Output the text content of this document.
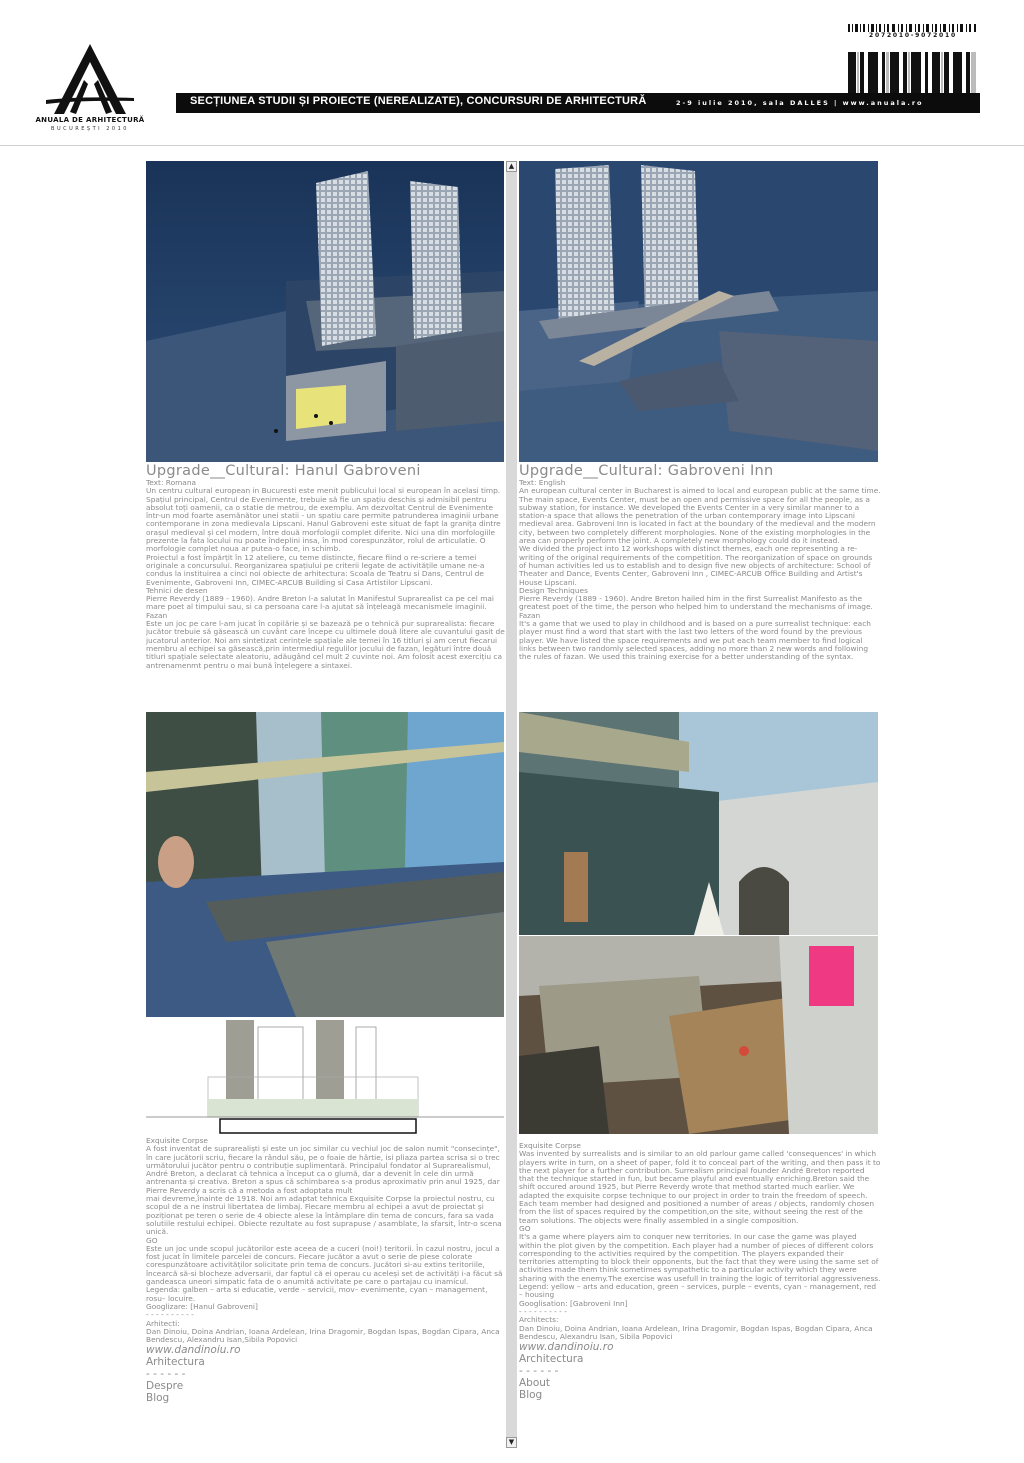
ANUALA DE ARHITECTURĂ
BUCUREȘTI 2010
2072010-9072010
SECȚIUNEA STUDII ȘI PROIECTE (NEREALIZATE), CONCURSURI DE ARHITECTURĂ	2-9 iulie 2010, sala DALLES | www.anuala.ro
▲
▼
Upgrade__Cultural: Hanul Gabroveni

Text: Romana

Un centru cultural european in Bucuresti este menit publicului local si european în acelasi timp. Spațiul principal, Centrul de Evenimente, trebuie să fie un spațiu deschis și admisibil pentru absolut toți oamenii, ca o statie de metrou, de exemplu. Am dezvoltat Centrul de Evenimente într-un mod foarte asemănător unei statii - un spatiu care permite patrunderea imaginii urbane contemporane in zona medievala Lipscani. Hanul Gabroveni este situat de fapt la granița dintre orașul medieval și cel modern, între două morfologii complet diferite. Nici una din morfologiile prezente la fata locului nu poate îndeplini insa, în mod corespunzător, rolul de articulatie. O morfologie complet noua ar putea-o face, in schimb.

Proiectul a fost împărțit în 12 ateliere, cu teme distincte, fiecare fiind o re-scriere a temei originale a concursului. Reorganizarea spațiului pe criterii legate de activitățile umane ne-a condus la instituirea a cinci noi obiecte de arhitectura: Scoala de Teatru si Dans, Centrul de Evenimente, Gabroveni Inn, CIMEC-ARCUB Building si Casa Artistilor Lipscani.

Tehnici de desen

Pierre Reverdy (1889 - 1960). Andre Breton l-a salutat în Manifestul Suprarealist ca pe cel mai mare poet al timpului sau, si ca persoana care l-a ajutat să înțeleagă mecanismele imaginii.

Fazan

Este un joc pe care l-am jucat în copilărie și se bazează pe o tehnică pur suprarealista: fiecare jucător trebuie să găsească un cuvânt care începe cu ultimele două litere ale cuvantului gasit de jucatorul anterior. Noi am sintetizat cerințele spațiale ale temei în 16 titluri și am cerut fiecarui membru al echipei sa găsească,prin intermediul regulilor jocului de fazan, legături între două titluri spațiale selectate aleatoriu, adăugând cel mult 2 cuvinte noi. Am folosit acest exercițiu ca antrenamenmt pentru o mai bună înțelegere a sintaxei.

Upgrade__Cultural: Gabroveni Inn

Text: English

An european cultural center in Bucharest is aimed to local and european public at the same time. The main space, Events Center, must be an open and permissive space for all the people, as a subway station, for instance. We developed the Events Center in a very similar manner to a station-a space that allows the penetration of the urban contemporary image into Lipscani medieval area. Gabroveni Inn is located in fact at the boundary of the medieval and the modern city, between two completely different morphologies. None of the existing morphologies in the area can properly perform the joint. A completely new morphology could do it instead.

We divided the project into 12 workshops with distinct themes, each one representing a re-writing of the original requirements of the competition. The reorganization of space on grounds of human activities led us to establish and to design five new objects of architecture: School of Theater and Dance, Events Center, Gabroveni Inn , CIMEC-ARCUB Office Building and Artist's House Lipscani.

Design Techniques

Pierre Reverdy (1889 - 1960). Andre Breton hailed him in the first Surrealist Manifesto as the greatest poet of the time, the person who helped him to understand the mechanisms of image.

Fazan

It's a game that we used to play in childhood and is based on a pure surrealist technique: each player must find a word that start with the last two letters of the word found by the previous player. We have listed the space requirements and we put each team member to find logical links between two randomly selected spaces, adding no more than 2 new words and following the rules of fazan. We used this training exercise for a better understanding of the syntax.

Exquisite Corpse

A fost inventat de suprarealiști și este un joc similar cu vechiul joc de salon numit "consecințe", în care jucătorii scriu, fiecare la rândul său, pe o foaie de hârtie, isi pliaza partea scrisa si o trec următorului jucător pentru o contribuție suplimentară. Principalul fondator al Suprarealismul, André Breton, a declarat că tehnica a început ca o glumă, dar a devenit în cele din urmă antrenanta și creativa. Breton a spus că schimbarea s-a produs aproximativ prin anul 1925, dar Pierre Reverdy a scris că a metoda a fost adoptata mult

mai devreme,înainte de 1918. Noi am adaptat tehnica Exquisite Corpse la proiectul nostru, cu scopul de a ne instrui libertatea de limbaj. Fiecare membru al echipei a avut de proiectat și poziționat pe teren o serie de 4 obiecte alese la întâmplare din tema de concurs, fara sa vada solutiile restului echipei. Obiecte rezultate au fost suprapuse / asamblate, la sfarsit, într-o scena unică.

GO

Este un joc unde scopul jucătorilor este aceea de a cuceri (noi!) teritorii. În cazul nostru, jocul a fost jucat în limitele parcelei de concurs. Fiecare jucător a avut o serie de piese colorate corespunzătoare activităților solicitate prin tema de concurs. Jucători si-au extins teritoriile, încearcă să-si blocheze adversarii, dar faptul că ei operau cu aceleși set de activități i-a făcut să gandeasca uneori simpatic fata de o anumită activitate pe care o partajau cu inamicul.

Legenda: galben – arta si educatie, verde – servicii, mov– evenimente, cyan – management, rosu– locuire.

Googlizare: [Hanul Gabroveni]

- - - - - - - - - -

Arhitecti:

Dan Dinoiu, Doina Andrian, Ioana Ardelean, Irina Dragomir, Bogdan Ispas, Bogdan Cipara, Anca Bendescu, Alexandru Isan,Sibila Popovici

www.dandinoiu.ro
Arhitectura
- - - - - -
Despre
Blog

Exquisite Corpse

Was invented by surrealists and is similar to an old parlour game called 'consequences' in which players write in turn, on a sheet of paper, fold it to conceal part of the writing, and then pass it to the next player for a further contribution. Surrealism principal founder André Breton reported that the technique started in fun, but became playful and eventually enriching.Breton said the shift occured around 1925, but Pierre Reverdy wrote that method started much earlier. We adapted the exquisite corpse technique to our project in order to train the freedom of speech. Each team member had designed and positioned a number of areas / objects, randomly chosen from the list of spaces required by the competition,on the site, without seeing the rest of the team solutions. The objects were finally assembled in a single composition.

GO

It's a game where players aim to conquer new territories. In our case the game was played within the plot given by the competition. Each player had a number of pieces of different colors

corresponding to the activities required by the competition. The players expanded their territories attempting to block their opponents, but the fact that they were using the same set of activities made them think sometimes sympathetic to a particular activity which they were sharing with the enemy.The exercise was usefull in training the logic of territorial aggressiveness. Legend: yellow – arts and education, green – services, purple – events, cyan – management, red – housing

Googlisation: [Gabroveni Inn]

- - - - - - - - - -

Architects:

Dan Dinoiu, Doina Andrian, Ioana Ardelean, Irina Dragomir, Bogdan Ispas, Bogdan Cipara, Anca Bendescu, Alexandru Isan, Sibila Popovici

www.dandinoiu.ro
Architectura
- - - - - -
About
Blog
